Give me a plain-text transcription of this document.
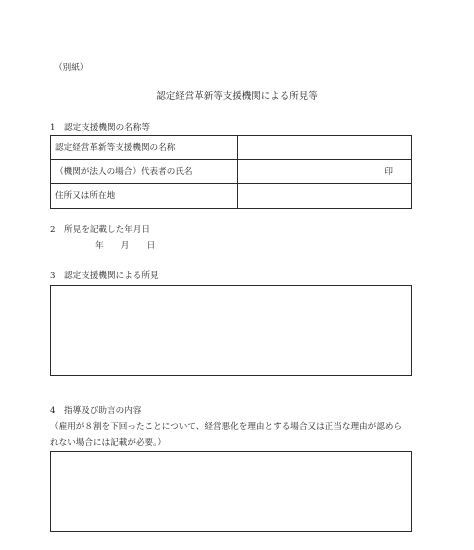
（別紙）
認定経営革新等支援機関による所見等
1　認定支援機関の名称等
認定経営革新等支援機関の名称
（機関が法人の場合）代表者の氏名	印
住所又は所在地
2　所見を記載した年月日
年　　月　　日
3　認定支援機関による所見
4　指導及び助言の内容
（雇用が８割を下回ったことについて、経営悪化を理由とする場合又は正当な理由が認めら
れない場合には記載が必要。）
